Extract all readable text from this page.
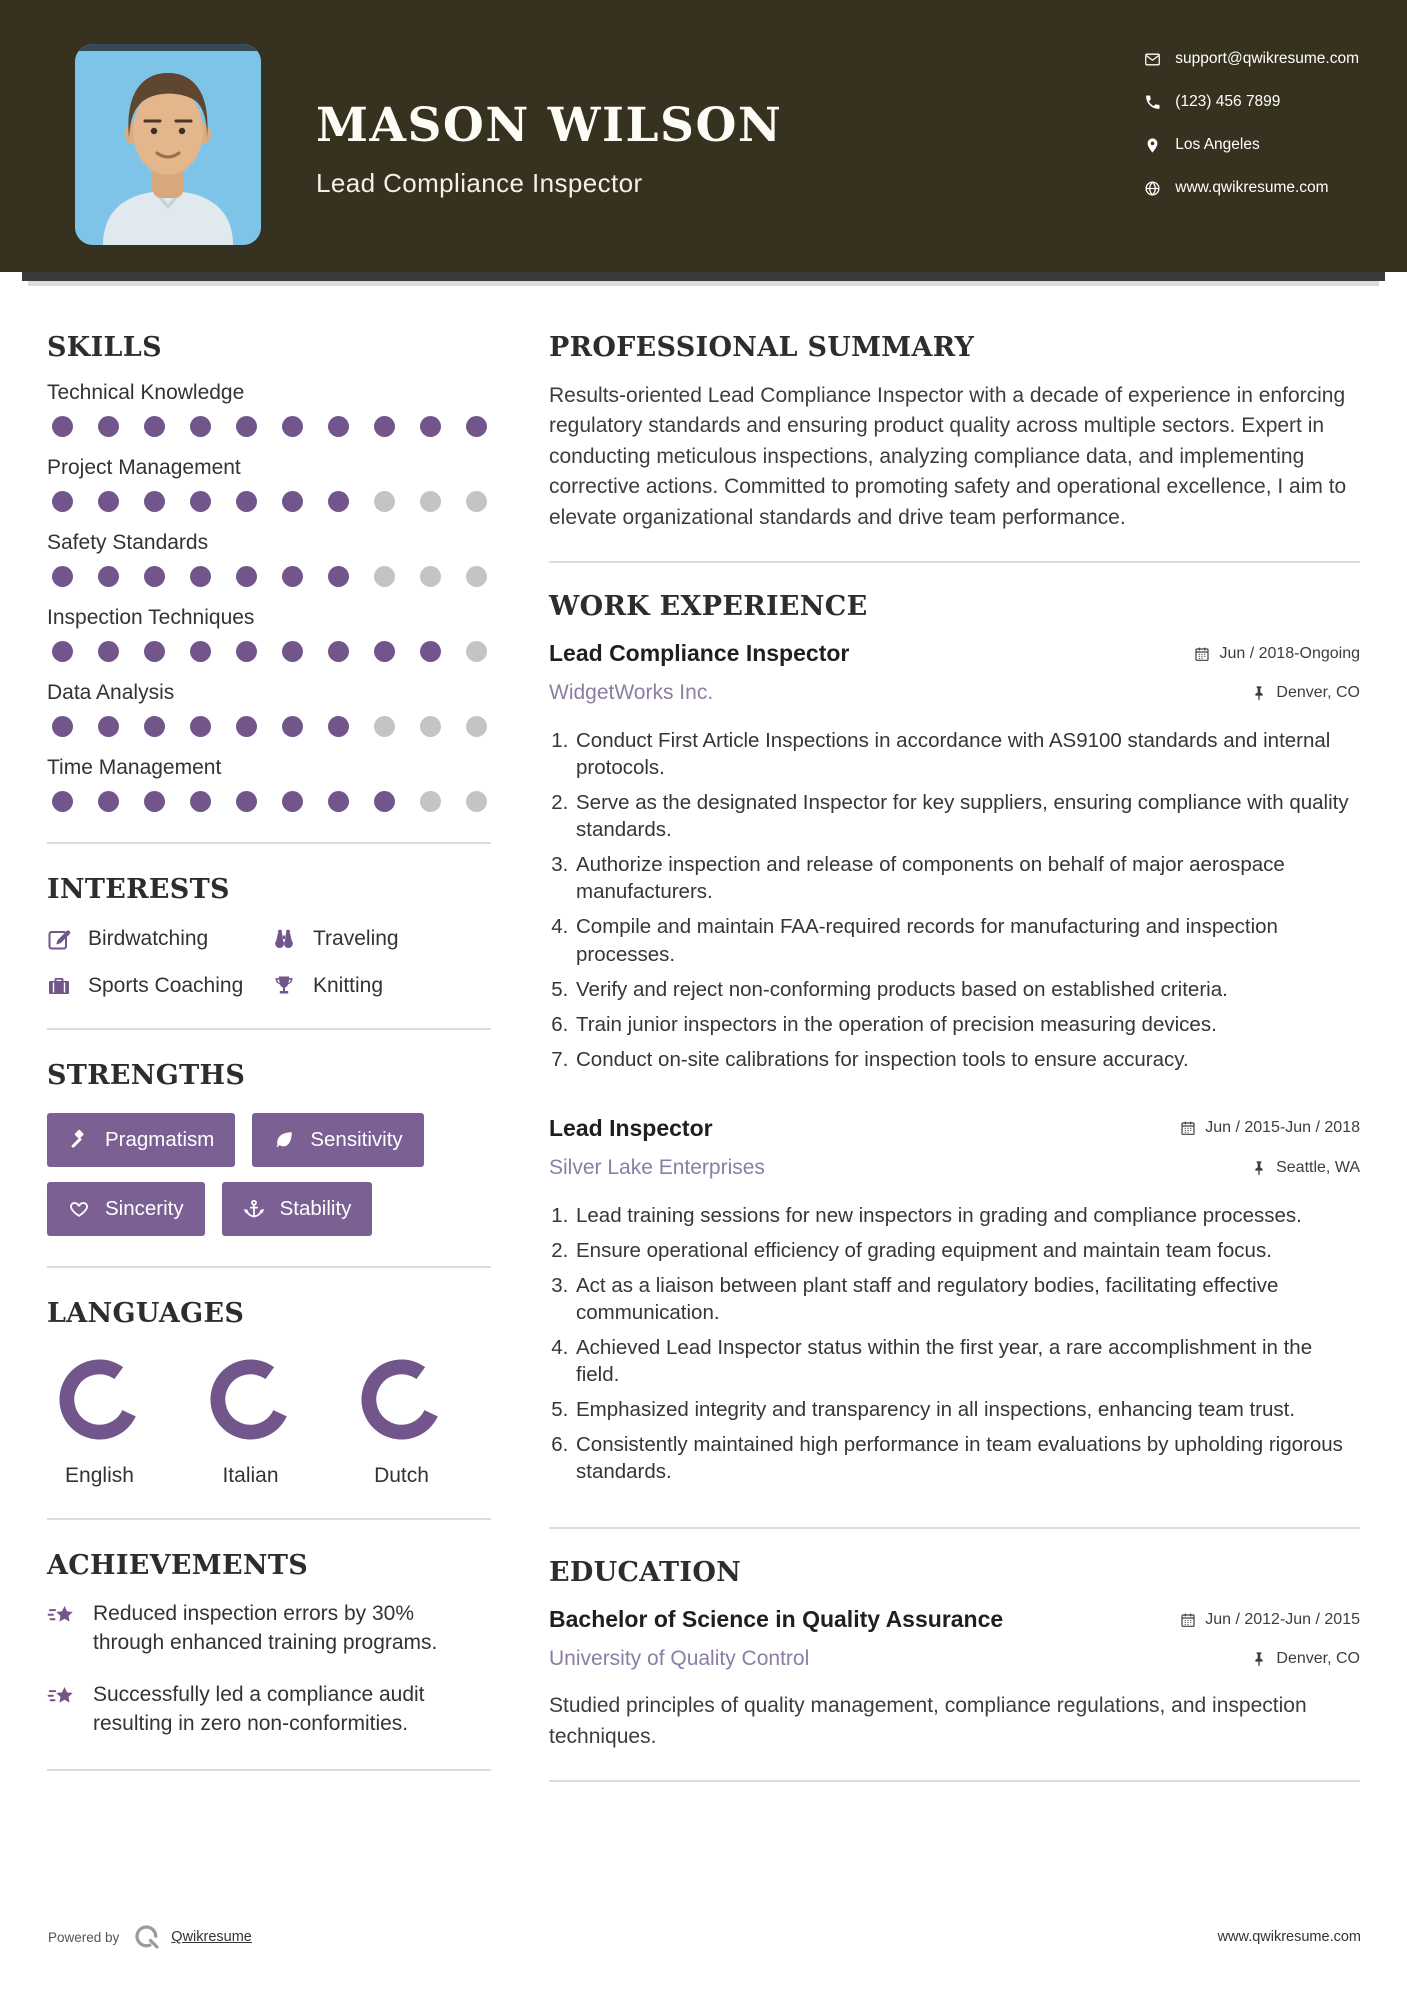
MASON WILSON
Lead Compliance Inspector
support@qwikresume.com
(123) 456 7899
Los Angeles
www.qwikresume.com
SKILLS
Technical Knowledge
Project Management
Safety Standards
Inspection Techniques
Data Analysis
Time Management
INTERESTS
Birdwatching	Traveling
Sports Coaching	Knitting
STRENGTHS
Pragmatism	Sensitivity
Sincerity	Stability
LANGUAGES
English	Italian	Dutch
ACHIEVEMENTS

Reduced inspection errors by 30% through enhanced training programs.

Successfully led a compliance audit resulting in zero non-conformities.

PROFESSIONAL SUMMARY

Results-oriented Lead Compliance Inspector with a decade of experience in enforcing regulatory standards and ensuring product quality across multiple sectors. Expert in conducting meticulous inspections, analyzing compliance data, and implementing corrective actions. Committed to promoting safety and operational excellence, I aim to elevate organizational standards and drive team performance.

WORK EXPERIENCE
Lead Compliance Inspector	Jun / 2018-Ongoing
WidgetWorks Inc.	Denver, CO
1. Conduct First Article Inspections in accordance with AS9100 standards and internal protocols.
2. Serve as the designated Inspector for key suppliers, ensuring compliance with quality standards.
3. Authorize inspection and release of components on behalf of major aerospace manufacturers.
4. Compile and maintain FAA-required records for manufacturing and inspection processes.
5. Verify and reject non-conforming products based on established criteria.
6. Train junior inspectors in the operation of precision measuring devices.
7. Conduct on-site calibrations for inspection tools to ensure accuracy.
Lead Inspector	Jun / 2015-Jun / 2018
Silver Lake Enterprises	Seattle, WA
1. Lead training sessions for new inspectors in grading and compliance processes.
2. Ensure operational efficiency of grading equipment and maintain team focus.
3. Act as a liaison between plant staff and regulatory bodies, facilitating effective communication.
4. Achieved Lead Inspector status within the first year, a rare accomplishment in the field.
5. Emphasized integrity and transparency in all inspections, enhancing team trust.
6. Consistently maintained high performance in team evaluations by upholding rigorous standards.
EDUCATION
Bachelor of Science in Quality Assurance	Jun / 2012-Jun / 2015
University of Quality Control	Denver, CO

Studied principles of quality management, compliance regulations, and inspection techniques.

Powered by	Qwikresume	www.qwikresume.com
